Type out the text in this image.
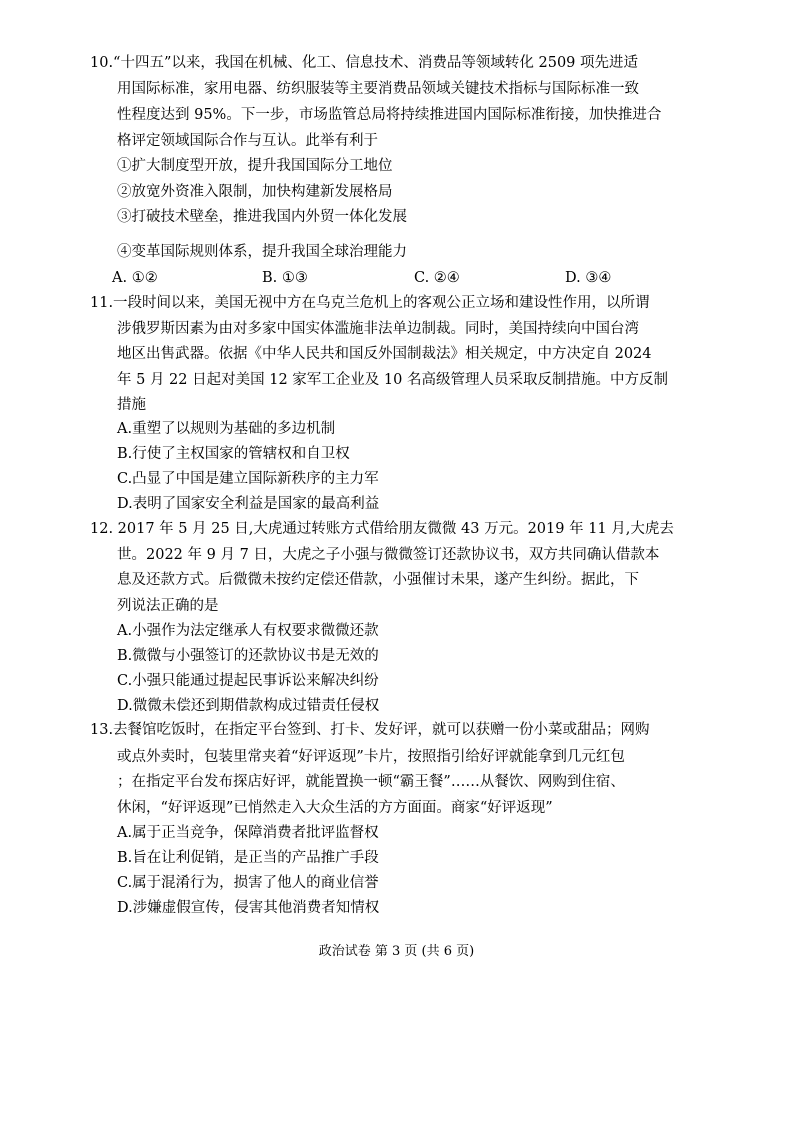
10.“十四五”以来，我国在机械、化工、信息技术、消费品等领域转化 2509 项先进适
用国际标准，家用电器、纺织服装等主要消费品领域关键技术指标与国际标准一致
性程度达到 95%。下一步，市场监管总局将持续推进国内国际标准衔接，加快推进合
格评定领域国际合作与互认。此举有利于
①扩大制度型开放，提升我国国际分工地位
②放宽外资准入限制，加快构建新发展格局
③打破技术壁垒，推进我国内外贸一体化发展
④变革国际规则体系，提升我国全球治理能力
A. ①②	B. ①③	C. ②④	D. ③④
11.一段时间以来，美国无视中方在乌克兰危机上的客观公正立场和建设性作用，以所谓
涉俄罗斯因素为由对多家中国实体滥施非法单边制裁。同时，美国持续向中国台湾
地区出售武器。依据《中华人民共和国反外国制裁法》相关规定，中方决定自 2024
年 5 月 22 日起对美国 12 家军工企业及 10 名高级管理人员采取反制措施。中方反制
措施
A.重塑了以规则为基础的多边机制
B.行使了主权国家的管辖权和自卫权
C.凸显了中国是建立国际新秩序的主力军
D.表明了国家安全利益是国家的最高利益
12. 2017 年 5 月 25 日,大虎通过转账方式借给朋友微微 43 万元。2019 年 11 月,大虎去
世。2022 年 9 月 7 日，大虎之子小强与微微签订还款协议书，双方共同确认借款本
息及还款方式。后微微未按约定偿还借款，小强催讨未果，遂产生纠纷。据此，下
列说法正确的是
A.小强作为法定继承人有权要求微微还款
B.微微与小强签订的还款协议书是无效的
C.小强只能通过提起民事诉讼来解决纠纷
D.微微未偿还到期借款构成过错责任侵权
13.去餐馆吃饭时，在指定平台签到、打卡、发好评，就可以获赠一份小菜或甜品；网购
或点外卖时，包装里常夹着“好评返现”卡片，按照指引给好评就能拿到几元红包
；在指定平台发布探店好评，就能置换一顿“霸王餐”……从餐饮、网购到住宿、
休闲，“好评返现”已悄然走入大众生活的方方面面。商家“好评返现”
A.属于正当竞争，保障消费者批评监督权
B.旨在让利促销，是正当的产品推广手段
C.属于混淆行为，损害了他人的商业信誉
D.涉嫌虚假宣传，侵害其他消费者知情权
政治试卷 第 3 页 (共 6 页)
